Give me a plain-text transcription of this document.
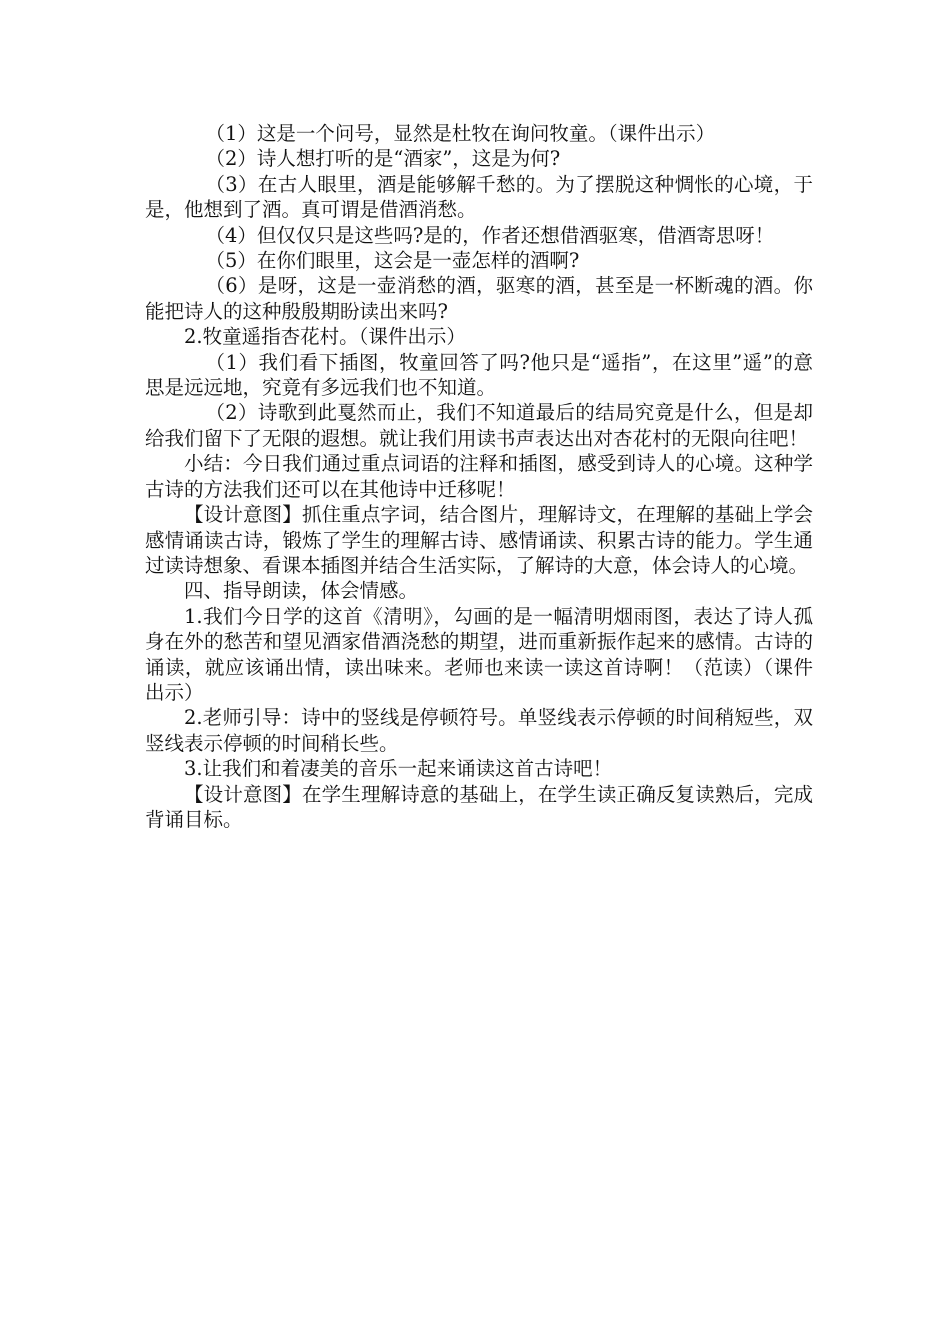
（1）这是一个问号，显然是杜牧在询问牧童。（课件出示）

（2）诗人想打听的是“酒家”，这是为何?

（3）在古人眼里，酒是能够解千愁的。为了摆脱这种惆怅的心境，于是，他想到了酒。真可谓是借酒消愁。

（4）但仅仅只是这些吗?是的，作者还想借酒驱寒，借酒寄思呀！

（5）在你们眼里，这会是一壶怎样的酒啊?

（6）是呀，这是一壶消愁的酒，驱寒的酒，甚至是一杯断魂的酒。你能把诗人的这种殷殷期盼读出来吗?

2.牧童遥指杏花村。（课件出示）

（1）我们看下插图，牧童回答了吗?他只是“遥指”，在这里”遥”的意思是远远地，究竟有多远我们也不知道。

（2）诗歌到此戛然而止，我们不知道最后的结局究竟是什么，但是却给我们留下了无限的遐想。就让我们用读书声表达出对杏花村的无限向往吧！

小结：今日我们通过重点词语的注释和插图，感受到诗人的心境。这种学古诗的方法我们还可以在其他诗中迁移呢！

【设计意图】抓住重点字词，结合图片，理解诗文，在理解的基础上学会感情诵读古诗，锻炼了学生的理解古诗、感情诵读、积累古诗的能力。学生通过读诗想象、看课本插图并结合生活实际，了解诗的大意，体会诗人的心境。

四、指导朗读，体会情感。

1.我们今日学的这首《清明》，勾画的是一幅清明烟雨图，表达了诗人孤身在外的愁苦和望见酒家借酒浇愁的期望，进而重新振作起来的感情。古诗的诵读，就应该诵出情，读出味来。老师也来读一读这首诗啊！（范读）（课件出示）

2.老师引导：诗中的竖线是停顿符号。单竖线表示停顿的时间稍短些，双竖线表示停顿的时间稍长些。

3.让我们和着凄美的音乐一起来诵读这首古诗吧！

【设计意图】在学生理解诗意的基础上，在学生读正确反复读熟后，完成背诵目标。
